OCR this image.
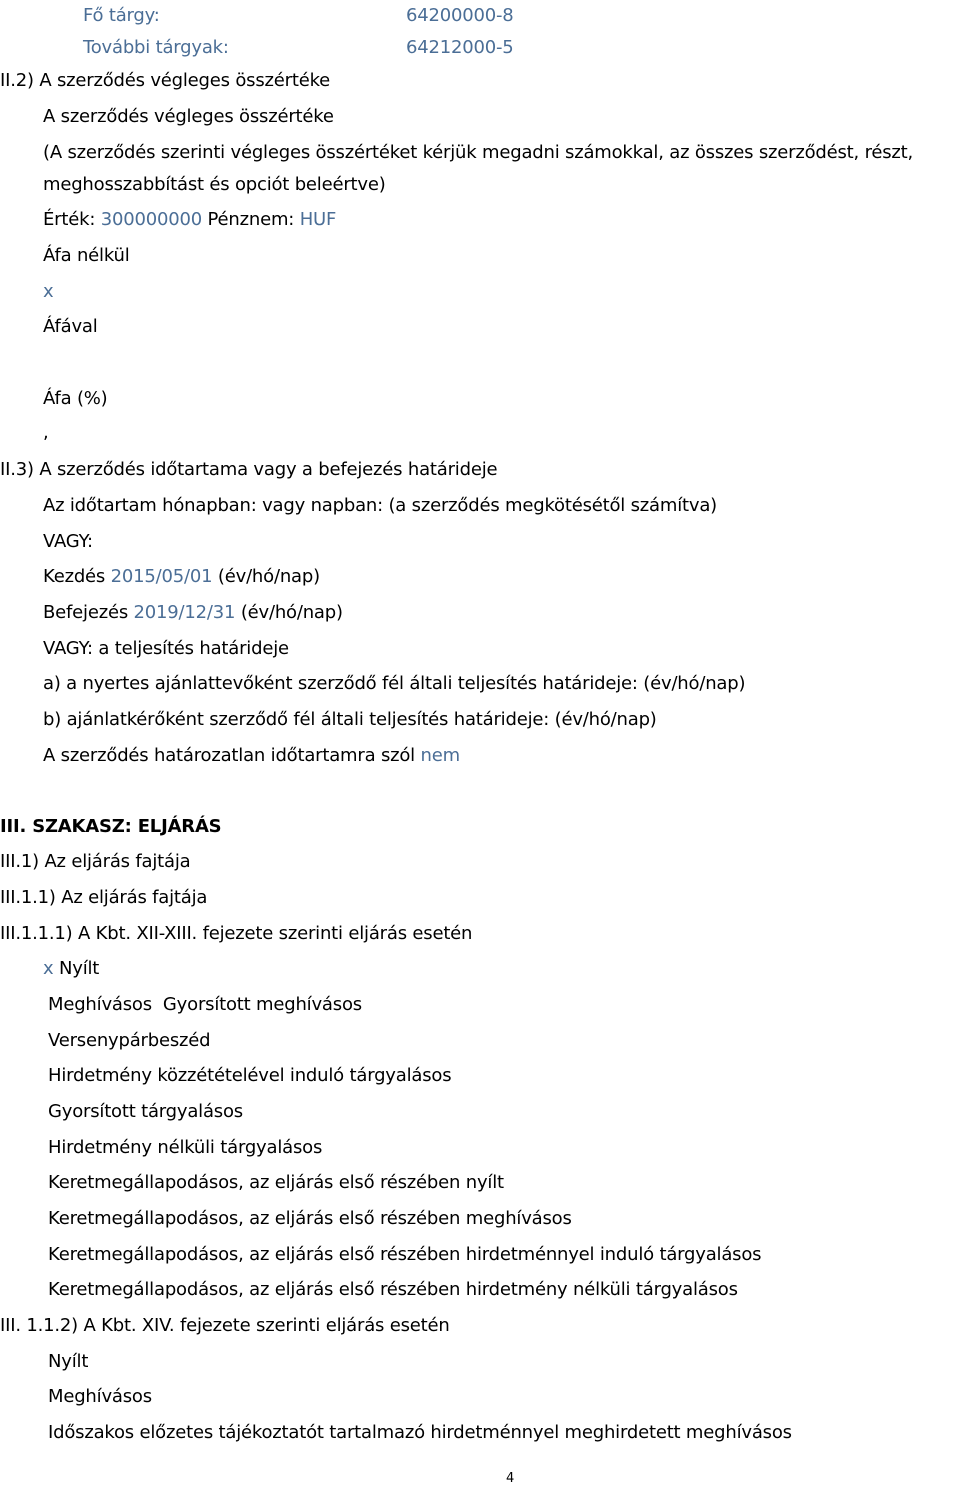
Fő tárgy:	64200000-8
További tárgyak:	64212000-5
II.2) A szerződés végleges összértéke
A szerződés végleges összértéke
(A szerződés szerinti végleges összértéket kérjük megadni számokkal, az összes szerződést, részt,
meghosszabbítást és opciót beleértve)
Érték: 300000000 Pénznem: HUF
Áfa nélkül
x
Áfával
Áfa (%)
,
II.3) A szerződés időtartama vagy a befejezés határideje
Az időtartam hónapban: vagy napban: (a szerződés megkötésétől számítva)
VAGY:
Kezdés 2015/05/01 (év/hó/nap)
Befejezés 2019/12/31 (év/hó/nap)
VAGY: a teljesítés határideje
a) a nyertes ajánlattevőként szerződő fél általi teljesítés határideje: (év/hó/nap)
b) ajánlatkérőként szerződő fél általi teljesítés határideje: (év/hó/nap)
A szerződés határozatlan időtartamra szól nem
III. SZAKASZ: ELJÁRÁS
III.1) Az eljárás fajtája
III.1.1) Az eljárás fajtája
III.1.1.1) A Kbt. XII-XIII. fejezete szerinti eljárás esetén
x Nyílt
Meghívásos  Gyorsított meghívásos
Versenypárbeszéd
Hirdetmény közzétételével induló tárgyalásos
Gyorsított tárgyalásos
Hirdetmény nélküli tárgyalásos
Keretmegállapodásos, az eljárás első részében nyílt
Keretmegállapodásos, az eljárás első részében meghívásos
Keretmegállapodásos, az eljárás első részében hirdetménnyel induló tárgyalásos
Keretmegállapodásos, az eljárás első részében hirdetmény nélküli tárgyalásos
III. 1.1.2) A Kbt. XIV. fejezete szerinti eljárás esetén
Nyílt
Meghívásos
Időszakos előzetes tájékoztatót tartalmazó hirdetménnyel meghirdetett meghívásos
4
